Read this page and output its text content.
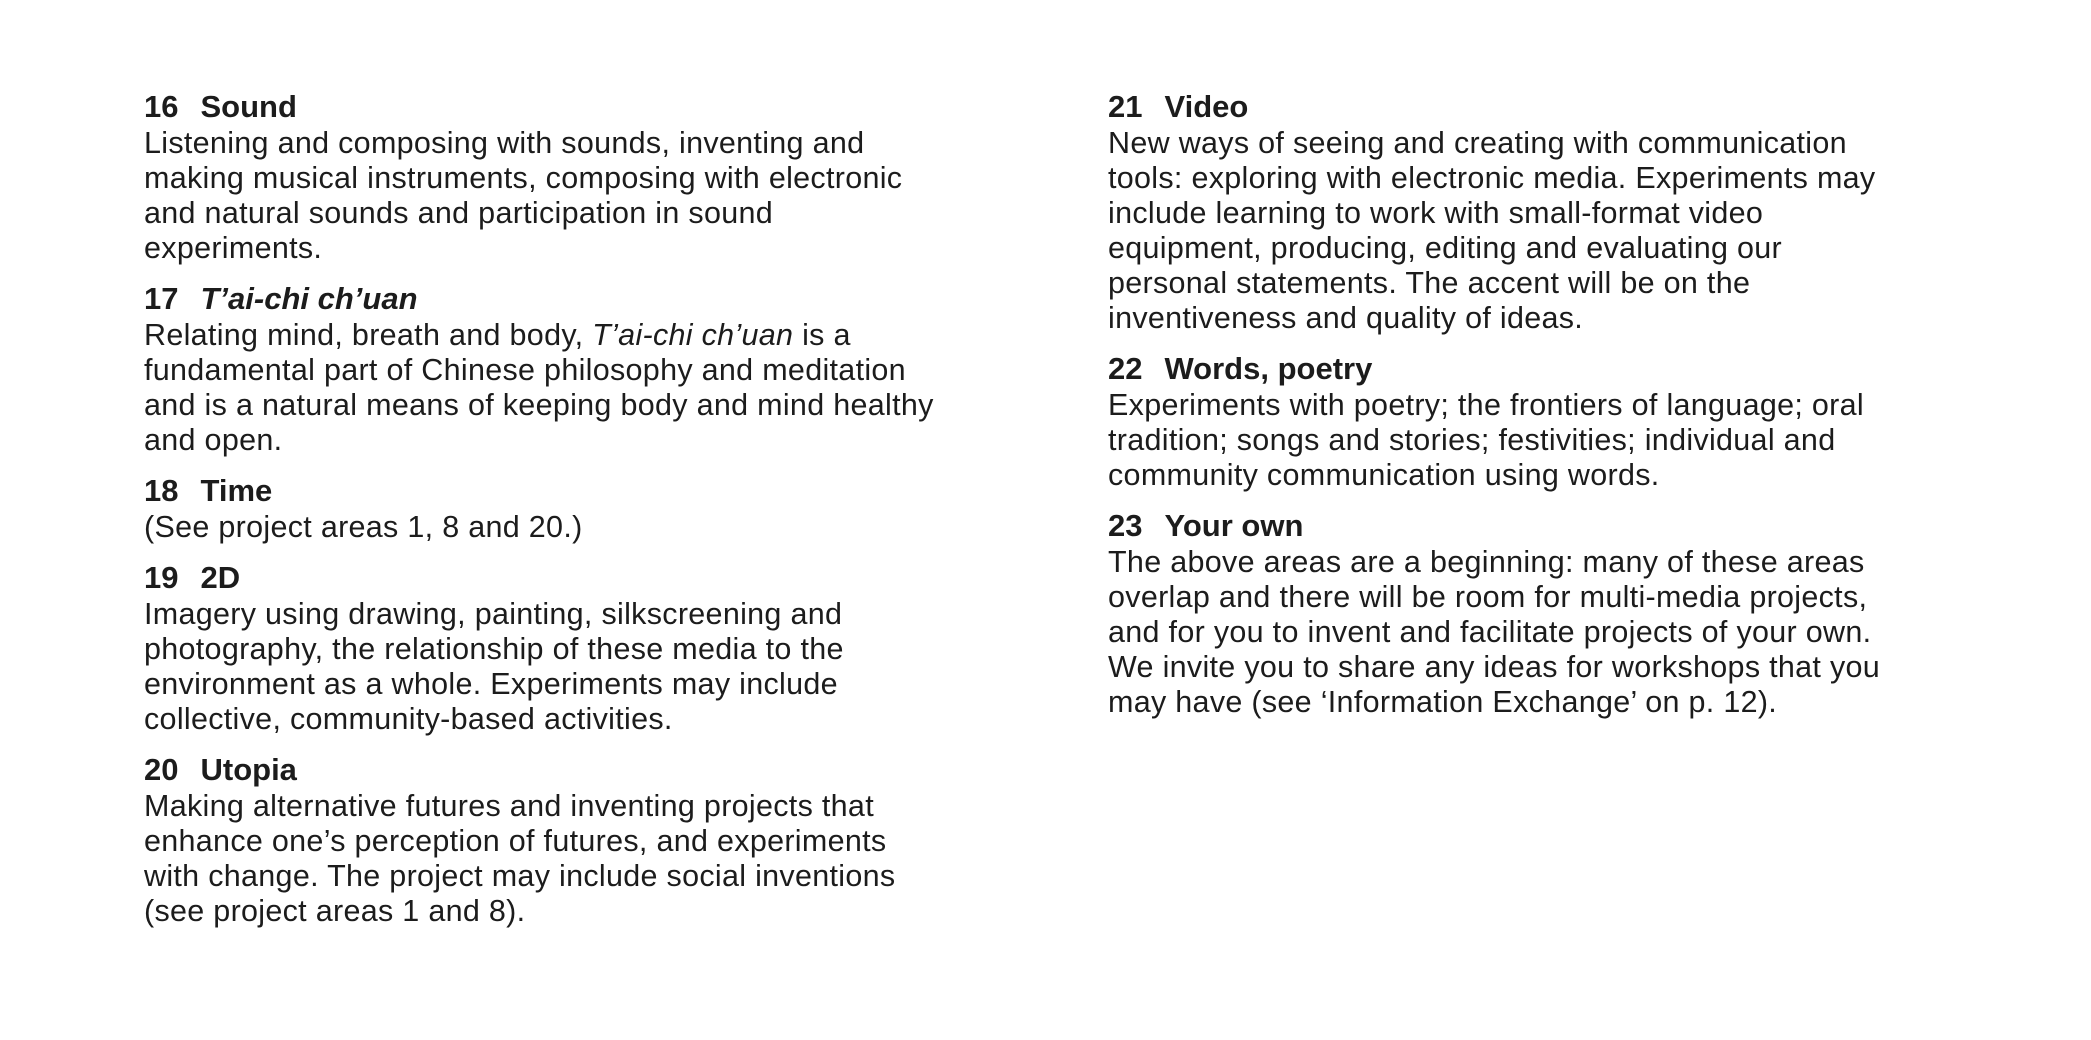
16 Sound

Listening and composing with sounds, inventing and
making musical instruments, composing with electronic
and natural sounds and participation in sound
experiments.

17 T’ai-chi ch’uan

Relating mind, breath and body, T’ai-chi ch’uan is a
fundamental part of Chinese philosophy and meditation
and is a natural means of keeping body and mind healthy
and open.

18 Time

(See project areas 1, 8 and 20.)

19 2D

Imagery using drawing, painting, silkscreening and
photography, the relationship of these media to the
environment as a whole. Experiments may include
collective, community-based activities.

20 Utopia

Making alternative futures and inventing projects that
enhance one’s perception of futures, and experiments
with change. The project may include social inventions
(see project areas 1 and 8).

21 Video

New ways of seeing and creating with communication
tools: exploring with electronic media. Experiments may
include learning to work with small-format video
equipment, producing, editing and evaluating our
personal statements. The accent will be on the
inventiveness and quality of ideas.

22 Words, poetry

Experiments with poetry; the frontiers of language; oral
tradition; songs and stories; festivities; individual and
community communication using words.

23 Your own

The above areas are a beginning: many of these areas
overlap and there will be room for multi-media projects,
and for you to invent and facilitate projects of your own.
We invite you to share any ideas for workshops that you
may have (see ‘Information Exchange’ on p. 12).
